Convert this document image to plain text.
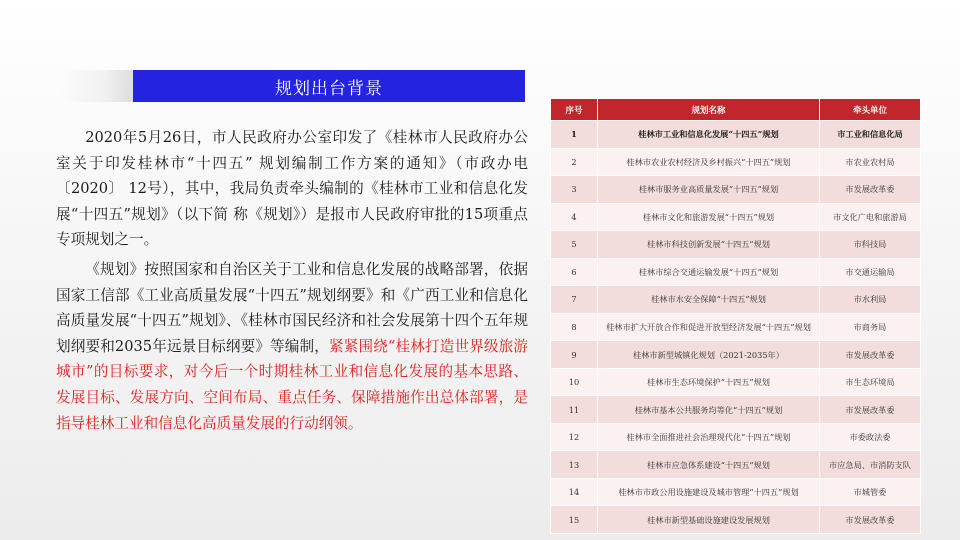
规划出台背景

2020年5月26日，市人民政府办公室印发了《桂林市人民政府办公室关于印发桂林市“十四五” 规划编制工作方案的通知》（市政办电〔2020〕 12号），其中，我局负责牵头编制的《桂林市工业和信息化发展“十四五”规划》（以下简 称《规划》）是报市人民政府审批的15项重点专项规划之一。

《规划》按照国家和自治区关于工业和信息化发展的战略部署，依据国家工信部《工业高质量发展“十四五”规划纲要》和《广西工业和信息化高质量发展“十四五”规划》、《桂林市国民经济和社会发展第十四个五年规划纲要和2035年远景目标纲要》等编制，紧紧围绕“桂林打造世界级旅游城市”的目标要求，对今后一个时期桂林工业和信息化发展的基本思路、发展目标、发展方向、空间布局、重点任务、保障措施作出总体部署，是指导桂林工业和信息化高质量发展的行动纲领。

序号	规划名称	牵头单位
1	桂林市工业和信息化发展“十四五”规划	市工业和信息化局
2	桂林市农业农村经济及乡村振兴“十四五”规划	市农业农村局
3	桂林市服务业高质量发展“十四五”规划	市发展改革委
4	桂林市文化和旅游发展“十四五”规划	市文化广电和旅游局
5	桂林市科技创新发展“十四五”规划	市科技局
6	桂林市综合交通运输发展“十四五”规划	市交通运输局
7	桂林市水安全保障“十四五”规划	市水利局
8	桂林市扩大开放合作和促进开放型经济发展“十四五”规划	市商务局
9	桂林市新型城镇化规划（2021-2035年）	市发展改革委
10	桂林市生态环境保护“十四五”规划	市生态环境局
11	桂林市基本公共服务均等化“十四五”规划	市发展改革委
12	桂林市全面推进社会治理现代化“十四五”规划	市委政法委
13	桂林市应急体系建设“十四五”规划	市应急局、市消防支队
14	桂林市市政公用设施建设及城市管理“十四五”规划	市城管委
15	桂林市新型基础设施建设发展规划	市发展改革委
